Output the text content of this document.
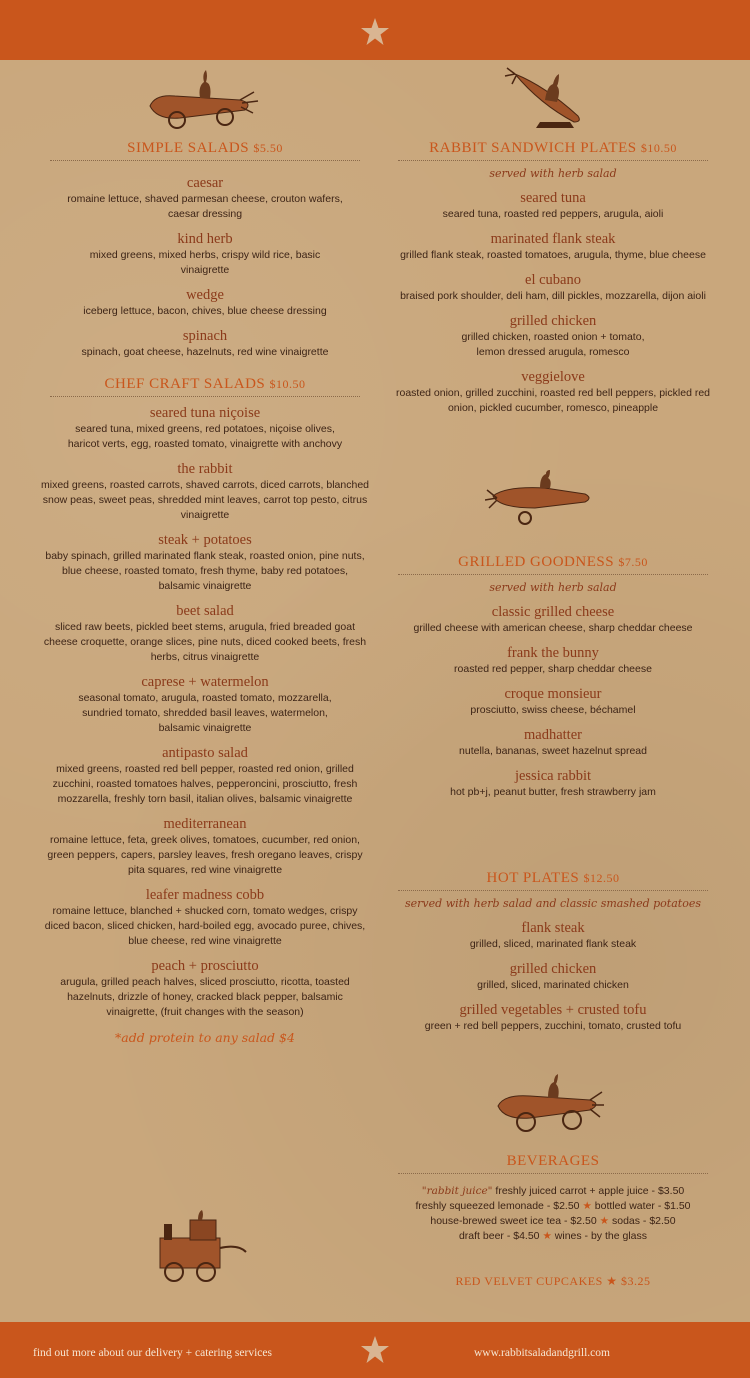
SIMPLE SALADS $5.50
caesar
romaine lettuce, shaved parmesan cheese, crouton wafers, caesar dressing
kind herb
mixed greens, mixed herbs, crispy wild rice, basic vinaigrette
wedge
iceberg lettuce, bacon, chives, blue cheese dressing
spinach
spinach, goat cheese, hazelnuts, red wine vinaigrette
CHEF CRAFT SALADS $10.50
seared tuna niçoise
seared tuna, mixed greens, red potatoes, niçoise olives, haricot verts, egg, roasted tomato, vinaigrette with anchovy
the rabbit
mixed greens, roasted carrots, shaved carrots, diced carrots, blanched snow peas, sweet peas, shredded mint leaves, carrot top pesto, citrus vinaigrette
steak + potatoes
baby spinach, grilled marinated flank steak, roasted onion, pine nuts, blue cheese, roasted tomato, fresh thyme, baby red potatoes, balsamic vinaigrette
beet salad
sliced raw beets, pickled beet stems, arugula, fried breaded goat cheese croquette, orange slices, pine nuts, diced cooked beets, fresh herbs, citrus vinaigrette
caprese + watermelon
seasonal tomato, arugula, roasted tomato, mozzarella, sundried tomato, shredded basil leaves, watermelon, balsamic vinaigrette
antipasto salad
mixed greens, roasted red bell pepper, roasted red onion, grilled zucchini, roasted tomatoes halves, pepperoncini, prosciutto, fresh mozzarella, freshly torn basil, italian olives, balsamic vinaigrette
mediterranean
romaine lettuce, feta, greek olives, tomatoes, cucumber, red onion, green peppers, capers, parsley leaves, fresh oregano leaves, crispy pita squares, red wine vinaigrette
leafer madness cobb
romaine lettuce, blanched + shucked corn, tomato wedges, crispy diced bacon, sliced chicken, hard-boiled egg, avocado puree, chives, blue cheese, red wine vinaigrette
peach + prosciutto
arugula, grilled peach halves, sliced prosciutto, ricotta, toasted hazelnuts, drizzle of honey, cracked black pepper, balsamic vinaigrette, (fruit changes with the season)
*add protein to any salad $4
RABBIT SANDWICH PLATES $10.50
served with herb salad
seared tuna
seared tuna, roasted red peppers, arugula, aioli
marinated flank steak
grilled flank steak, roasted tomatoes, arugula, thyme, blue cheese
el cubano
braised pork shoulder, deli ham, dill pickles, mozzarella, dijon aioli
grilled chicken
grilled chicken, roasted onion + tomato, lemon dressed arugula, romesco
veggielove
roasted onion, grilled zucchini, roasted red bell peppers, pickled red onion, pickled cucumber, romesco, pineapple
GRILLED GOODNESS $7.50
served with herb salad
classic grilled cheese
grilled cheese with american cheese, sharp cheddar cheese
frank the bunny
roasted red pepper, sharp cheddar cheese
croque monsieur
prosciutto, swiss cheese, béchamel
madhatter
nutella, bananas, sweet hazelnut spread
jessica rabbit
hot pb+j, peanut butter, fresh strawberry jam
HOT PLATES $12.50
served with herb salad and classic smashed potatoes
flank steak
grilled, sliced, marinated flank steak
grilled chicken
grilled, sliced, marinated chicken
grilled vegetables + crusted tofu
green + red bell peppers, zucchini, tomato, crusted tofu
BEVERAGES
"rabbit juice" freshly juiced carrot + apple juice - $3.50
freshly squeezed lemonade - $2.50 ★ bottled water - $1.50
house-brewed sweet ice tea - $2.50 ★ sodas - $2.50
draft beer - $4.50 ★ wines - by the glass
RED VELVET CUPCAKES ★ $3.25
find out more about our delivery + catering services	www.rabbitsaladandgrill.com
